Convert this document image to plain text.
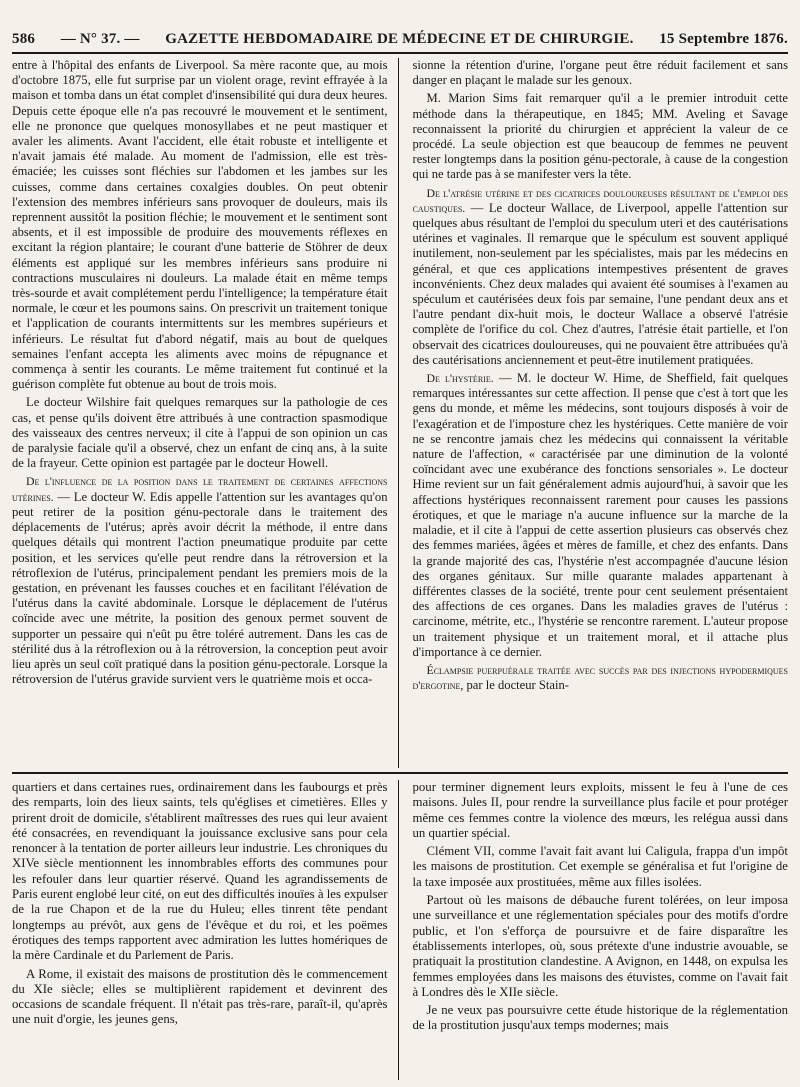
586 — N° 37. — GAZETTE HEBDOMADAIRE DE MÉDECINE ET DE CHIRURGIE. 15 Septembre 1876.

entre à l'hôpital des enfants de Liverpool. Sa mère raconte que, au mois d'octobre 1875, elle fut surprise par un violent orage, revint effrayée à la maison et tomba dans un état complet d'insensibilité qui dura deux heures. Depuis cette époque elle n'a pas recouvré le mouvement et le sentiment, elle ne prononce que quelques monosyllabes et ne peut mastiquer et avaler les aliments. Avant l'accident, elle était robuste et intelligente et n'avait jamais été malade. Au moment de l'admission, elle est très-émaciée; les cuisses sont fléchies sur l'abdomen et les jambes sur les cuisses, comme dans certaines coxalgies doubles. On peut obtenir l'extension des membres inférieurs sans provoquer de douleurs, mais ils reprennent aussitôt la position fléchie; le mouvement et le sentiment sont absents, et il est impossible de produire des mouvements réflexes en excitant la région plantaire; le courant d'une batterie de Stöhrer de deux éléments est appliqué sur les membres inférieurs sans produire ni contractions musculaires ni douleurs. La malade était en même temps très-sourde et avait complétement perdu l'intelligence; la température était normale, le cœur et les poumons sains. On prescrivit un traitement tonique et l'application de courants intermittents sur les membres supérieurs et inférieurs. Le résultat fut d'abord négatif, mais au bout de quelques semaines l'enfant accepta les aliments avec moins de répugnance et commença à sentir les courants. Le même traitement fut continué et la guérison complète fut obtenue au bout de trois mois.

Le docteur Wilshire fait quelques remarques sur la pathologie de ces cas, et pense qu'ils doivent être attribués à une contraction spasmodique des vaisseaux des centres nerveux; il cite à l'appui de son opinion un cas de paralysie faciale qu'il a observé, chez un enfant de cinq ans, à la suite de la frayeur. Cette opinion est partagée par le docteur Howell.

De l'influence de la position dans le traitement de certaines affections utérines. — Le docteur W. Edis appelle l'attention sur les avantages qu'on peut retirer de la position génu-pectorale dans le traitement des déplacements de l'utérus; après avoir décrit la méthode, il entre dans quelques détails qui montrent l'action pneumatique produite par cette position, et les services qu'elle peut rendre dans la rétroversion et la rétroflexion de l'utérus, principalement pendant les premiers mois de la gestation, en prévenant les fausses couches et en facilitant l'élévation de l'utérus dans la cavité abdominale. Lorsque le déplacement de l'utérus coïncide avec une métrite, la position des genoux permet souvent de supporter un pessaire qui n'eût pu être toléré autrement. Dans les cas de stérilité dus à la rétroflexion ou à la rétroversion, la conception peut avoir lieu après un seul coït pratiqué dans la position génu-pectorale. Lorsque la rétroversion de l'utérus gravide survient vers le quatrième mois et occa-

sionne la rétention d'urine, l'organe peut être réduit facilement et sans danger en plaçant le malade sur les genoux.

M. Marion Sims fait remarquer qu'il a le premier introduit cette méthode dans la thérapeutique, en 1845; MM. Aveling et Savage reconnaissent la priorité du chirurgien et apprécient la valeur de ce procédé. La seule objection est que beaucoup de femmes ne peuvent rester longtemps dans la position génu-pectorale, à cause de la congestion qui ne tarde pas à se manifester vers la tête.

De l'atrésie utérine et des cicatrices douloureuses résultant de l'emploi des caustiques. — Le docteur Wallace, de Liverpool, appelle l'attention sur quelques abus résultant de l'emploi du speculum uteri et des cautérisations utérines et vaginales. Il remarque que le spéculum est souvent appliqué inutilement, non-seulement par les spécialistes, mais par les médecins en général, et que ces applications intempestives présentent de graves inconvénients. Chez deux malades qui avaient été soumises à l'examen au spéculum et cautérisées deux fois par semaine, l'une pendant deux ans et l'autre pendant dix-huit mois, le docteur Wallace a observé l'atrésie complète de l'orifice du col. Chez d'autres, l'atrésie était partielle, et l'on observait des cicatrices douloureuses, qui ne pouvaient être attribuées qu'à des cautérisations anciennement et peut-être inutilement pratiquées.

De l'hystérie. — M. le docteur W. Hime, de Sheffield, fait quelques remarques intéressantes sur cette affection. Il pense que c'est à tort que les gens du monde, et même les médecins, sont toujours disposés à voir de l'exagération et de l'imposture chez les hystériques. Cette manière de voir ne se rencontre jamais chez les médecins qui connaissent la véritable nature de l'affection, « caractérisée par une diminution de la volonté coïncidant avec une exubérance des fonctions sensoriales ». Le docteur Hime revient sur un fait généralement admis aujourd'hui, à savoir que les affections hystériques reconnaissent rarement pour causes les passions érotiques, et que le mariage n'a aucune influence sur la marche de la maladie, et il cite à l'appui de cette assertion plusieurs cas observés chez des femmes mariées, âgées et mères de famille, et chez des enfants. Dans la grande majorité des cas, l'hystérie n'est accompagnée d'aucune lésion des organes génitaux. Sur mille quarante malades appartenant à différentes classes de la société, trente pour cent seulement présentaient des affections de ces organes. Dans les maladies graves de l'utérus : carcinome, métrite, etc., l'hystérie se rencontre rarement. L'auteur propose un traitement physique et un traitement moral, et il attache plus d'importance à ce dernier.

Éclampsie puerpuérale traitée avec succès par des injections hypodermiques d'ergotine, par le docteur Stain-

quartiers et dans certaines rues, ordinairement dans les faubourgs et près des remparts, loin des lieux saints, tels qu'églises et cimetières. Elles y prirent droit de domicile, s'établirent maîtresses des rues qui leur avaient été consacrées, en revendiquant la jouissance exclusive sans pour cela renoncer à la tentation de porter ailleurs leur industrie. Les chroniques du XIVe siècle mentionnent les innombrables efforts des communes pour les refouler dans leur quartier réservé. Quand les agrandissements de Paris eurent englobé leur cité, on eut des difficultés inouïes à les expulser de la rue Chapon et de la rue du Huleu; elles tinrent tête pendant longtemps au prévôt, aux gens de l'évêque et du roi, et les poëmes érotiques des temps rapportent avec admiration les luttes homériques de la mère Cardinale et du Parlement de Paris.

A Rome, il existait des maisons de prostitution dès le commencement du XIe siècle; elles se multiplièrent rapidement et devinrent des occasions de scandale fréquent. Il n'était pas très-rare, paraît-il, qu'après une nuit d'orgie, les jeunes gens,

pour terminer dignement leurs exploits, missent le feu à l'une de ces maisons. Jules II, pour rendre la surveillance plus facile et pour protéger même ces femmes contre la violence des mœurs, les relégua aussi dans un quartier spécial.

Clément VII, comme l'avait fait avant lui Caligula, frappa d'un impôt les maisons de prostitution. Cet exemple se généralisa et fut l'origine de la taxe imposée aux prostituées, même aux filles isolées.

Partout où les maisons de débauche furent tolérées, on leur imposa une surveillance et une réglementation spéciales pour des motifs d'ordre public, et l'on s'efforça de poursuivre et de faire disparaître les établissements interlopes, où, sous prétexte d'une industrie avouable, se pratiquait la prostitution clandestine. A Avignon, en 1448, on expulsa les femmes employées dans les maisons des étuvistes, comme on l'avait fait à Londres dès le XIIe siècle.

Je ne veux pas poursuivre cette étude historique de la réglementation de la prostitution jusqu'aux temps modernes; mais
